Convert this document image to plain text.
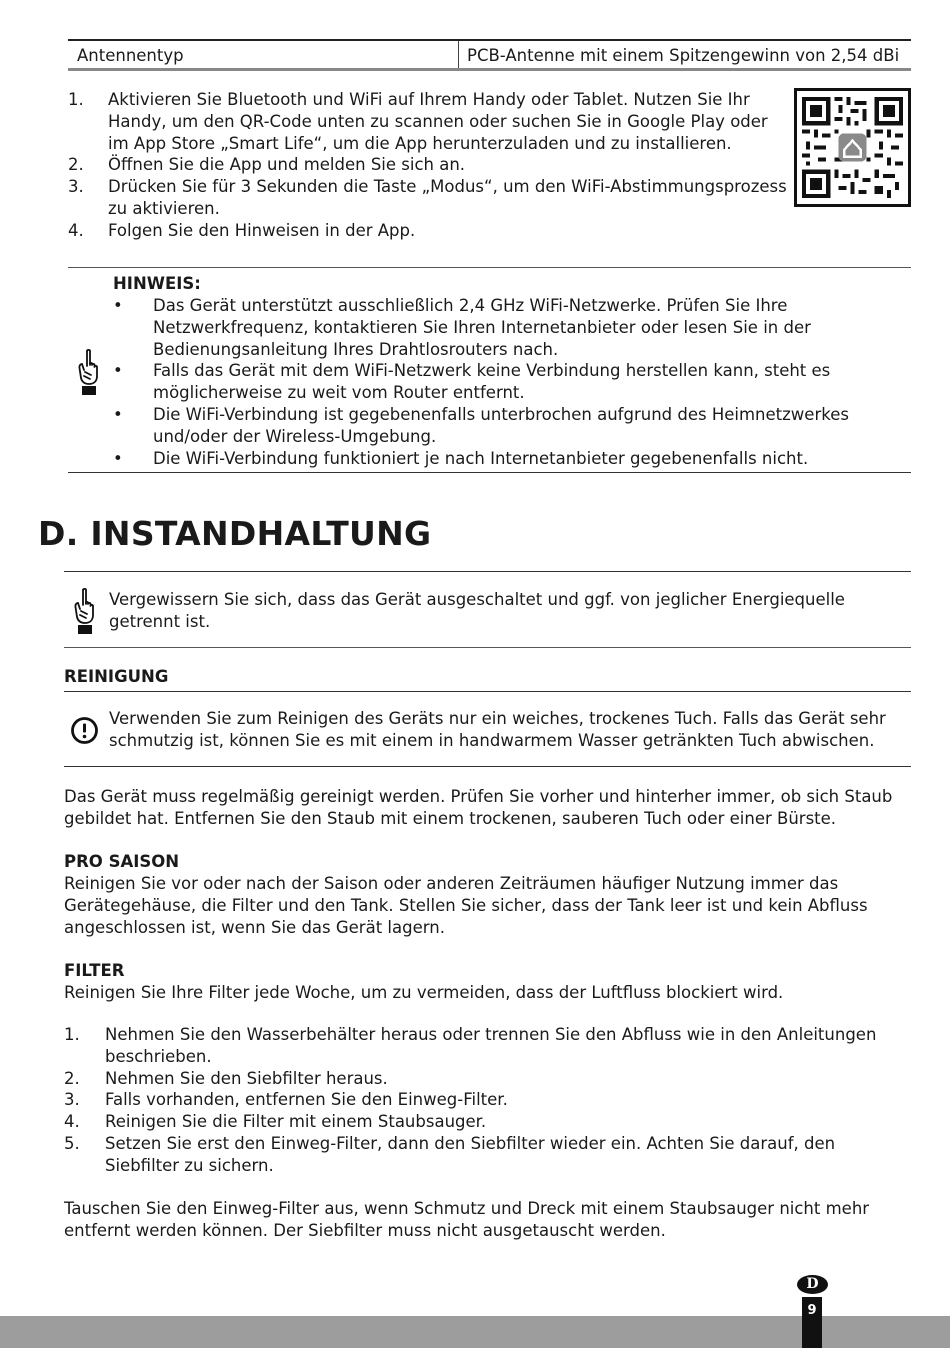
Antennentyp	PCB-Antenne mit einem Spitzengewinn von 2,54 dBi
1. Aktivieren Sie Bluetooth und WiFi auf Ihrem Handy oder Tablet. Nutzen Sie Ihr Handy, um den QR-Code unten zu scannen oder suchen Sie in Google Play oder im App Store „Smart Life“, um die App herunterzuladen und zu installieren.
2. Öffnen Sie die App und melden Sie sich an.
3. Drücken Sie für 3 Sekunden die Taste „Modus“, um den WiFi-Abstimmungsprozess zu aktivieren.
4. Folgen Sie den Hinweisen in der App.
HINWEIS:
• Das Gerät unterstützt ausschließlich 2,4 GHz WiFi-Netzwerke. Prüfen Sie Ihre Netzwerkfrequenz, kontaktieren Sie Ihren Internetanbieter oder lesen Sie in der Bedienungsanleitung Ihres Drahtlosrouters nach.
• Falls das Gerät mit dem WiFi-Netzwerk keine Verbindung herstellen kann, steht es möglicherweise zu weit vom Router entfernt.
• Die WiFi-Verbindung ist gegebenenfalls unterbrochen aufgrund des Heimnetzwerkes und/oder der Wireless-Umgebung.
• Die WiFi-Verbindung funktioniert je nach Internetanbieter gegebenenfalls nicht.
D. INSTANDHALTUNG
Vergewissern Sie sich, dass das Gerät ausgeschaltet und ggf. von jeglicher Energiequelle getrennt ist.
REINIGUNG
Verwenden Sie zum Reinigen des Geräts nur ein weiches, trockenes Tuch. Falls das Gerät sehr schmutzig ist, können Sie es mit einem in handwarmem Wasser getränkten Tuch abwischen.
Das Gerät muss regelmäßig gereinigt werden. Prüfen Sie vorher und hinterher immer, ob sich Staub gebildet hat. Entfernen Sie den Staub mit einem trockenen, sauberen Tuch oder einer Bürste.
PRO SAISON
Reinigen Sie vor oder nach der Saison oder anderen Zeiträumen häufiger Nutzung immer das Gerätegehäuse, die Filter und den Tank. Stellen Sie sicher, dass der Tank leer ist und kein Abfluss angeschlossen ist, wenn Sie das Gerät lagern.
FILTER
Reinigen Sie Ihre Filter jede Woche, um zu vermeiden, dass der Luftfluss blockiert wird.
1. Nehmen Sie den Wasserbehälter heraus oder trennen Sie den Abfluss wie in den Anleitungen beschrieben.
2. Nehmen Sie den Siebfilter heraus.
3. Falls vorhanden, entfernen Sie den Einweg-Filter.
4. Reinigen Sie die Filter mit einem Staubsauger.
5. Setzen Sie erst den Einweg-Filter, dann den Siebfilter wieder ein. Achten Sie darauf, den Siebfilter zu sichern.
Tauschen Sie den Einweg-Filter aus, wenn Schmutz und Dreck mit einem Staubsauger nicht mehr entfernt werden können. Der Siebfilter muss nicht ausgetauscht werden.
9
D
